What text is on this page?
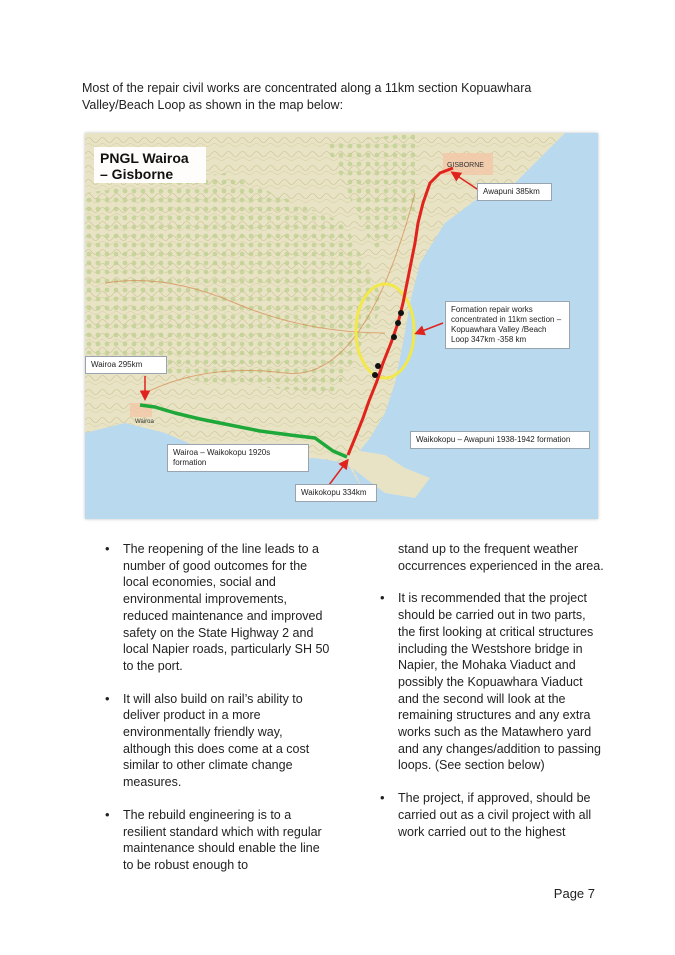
Most of the repair civil works are concentrated along a 11km section Kopuawhara Valley/Beach Loop as shown in the map below:

GISBORNE
Wairoa
PNGL Wairoa – Gisborne
Awapuni 385km
Formation repair works concentrated in 11km section – Kopuawhara Valley /Beach Loop 347km -358 km
Wairoa 295km
Waikokopu – Awapuni 1938-1942 formation
Wairoa – Waikokopu 1920s formation
Waikokopu 334km
• The reopening of the line leads to a number of good outcomes for the local economies, social and environmental improvements, reduced maintenance and improved safety on the State Highway 2 and local Napier roads, particularly SH 50 to the port.
• It will also build on rail’s ability to deliver product in a more environmentally friendly way, although this does come at a cost similar to other climate change measures.
• The rebuild engineering is to a resilient standard which with regular maintenance should enable the line to be robust enough to
stand up to the frequent weather occurrences experienced in the area.
• It is recommended that the project should be carried out in two parts, the first looking at critical structures including the Westshore bridge in Napier, the Mohaka Viaduct and possibly the Kopuawhara Viaduct and the second will look at the remaining structures and any extra works such as the Matawhero yard and any changes/addition to passing loops. (See section below)
• The project, if approved, should be carried out as a civil project with all work carried out to the highest
Page 7
